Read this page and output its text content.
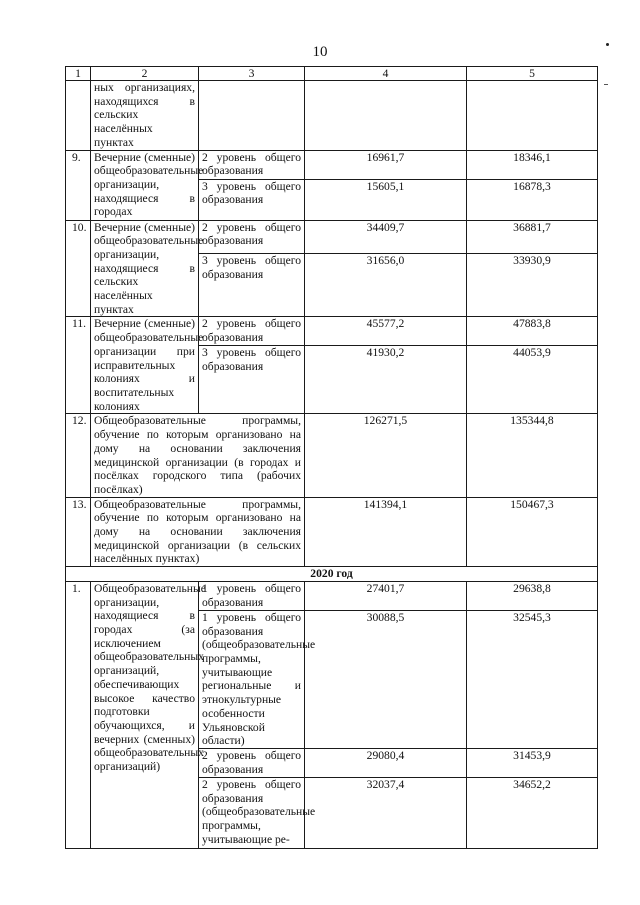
10
1	2	3	4	5
	ных организациях, находящихся в сельских населённых пунктах			
9.	Вечерние (сменные) общеобразовательные организации, находящиеся в городах	2 уровень общего образования	16961,7	18346,1
		3 уровень общего образования	15605,1	16878,3
10.	Вечерние (сменные) общеобразовательные организации, находящиеся в сельских населённых пунктах	2 уровень общего образования	34409,7	36881,7
		3 уровень общего образования	31656,0	33930,9
11.	Вечерние (сменные) общеобразовательные организации при исправительных колониях и воспитательных колониях	2 уровень общего образования	45577,2	47883,8
		3 уровень общего образования	41930,2	44053,9
12.	Общеобразовательные программы, обучение по которым организовано на дому на основании заключения медицинской организации (в городах и посёлках городского типа (рабочих посёлках)		126271,5	135344,8
13.	Общеобразовательные программы, обучение по которым организовано на дому на основании заключения медицинской организации (в сельских населённых пунктах)		141394,1	150467,3
2020 год				
1.	Общеобразовательные организации, находящиеся в городах (за исключением общеобразовательных организаций, обеспечивающих высокое качество подготовки обучающихся, и вечерних (сменных) общеобразовательных организаций)	1 уровень общего образования	27401,7	29638,8
		1 уровень общего образования (общеобразовательные программы, учитывающие региональные и этнокультурные особенности Ульяновской области)	30088,5	32545,3
		2 уровень общего образования	29080,4	31453,9
		2 уровень общего образования (общеобразовательные программы, учитывающие ре-	32037,4	34652,2
